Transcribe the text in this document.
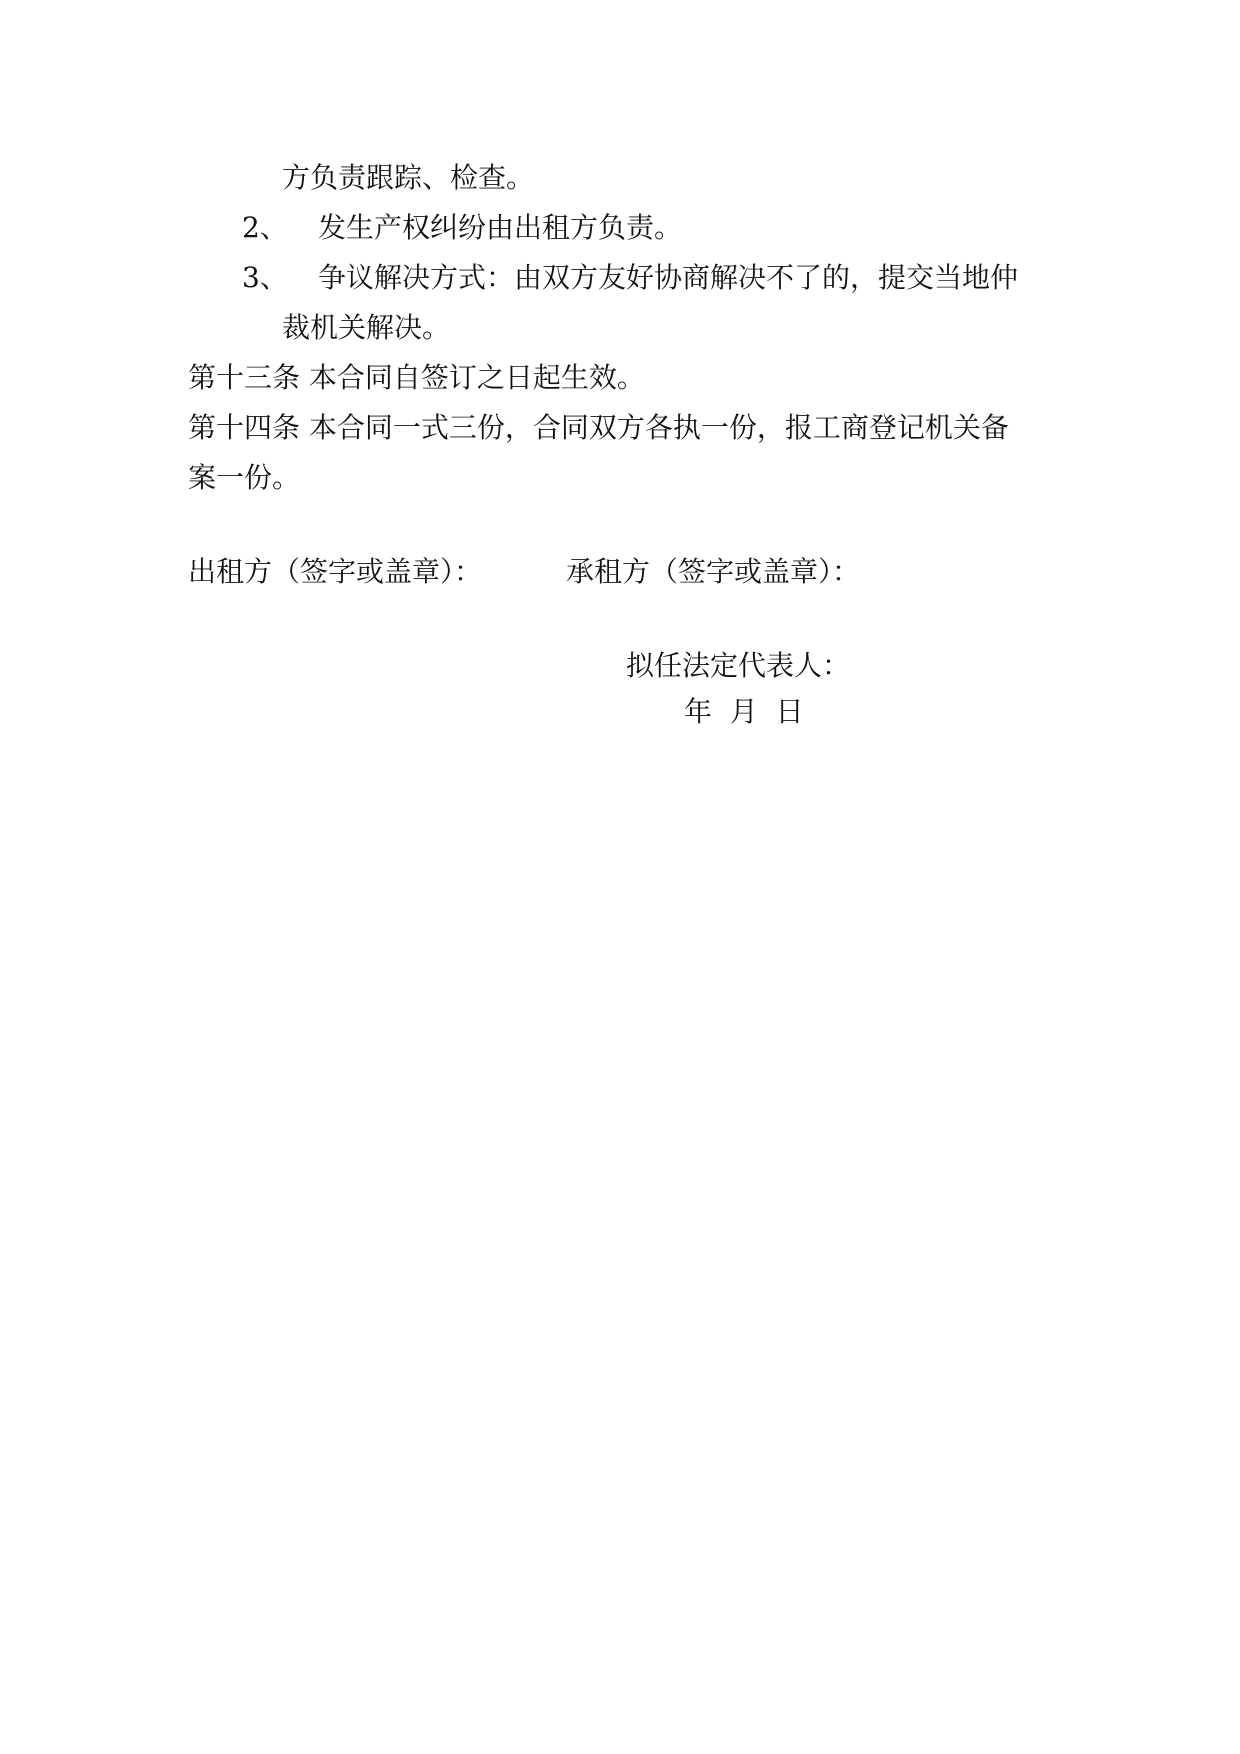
方负责跟踪、检查。
2、 发生产权纠纷由出租方负责。
3、 争议解决方式：由双方友好协商解决不了的，提交当地仲
裁机关解决。
第十三条 本合同自签订之日起生效。
第十四条 本合同一式三份，合同双方各执一份，报工商登记机关备
案一份。
出租方（签字或盖章）：	承租方（签字或盖章）：
拟任法定代表人：
年  月  日
